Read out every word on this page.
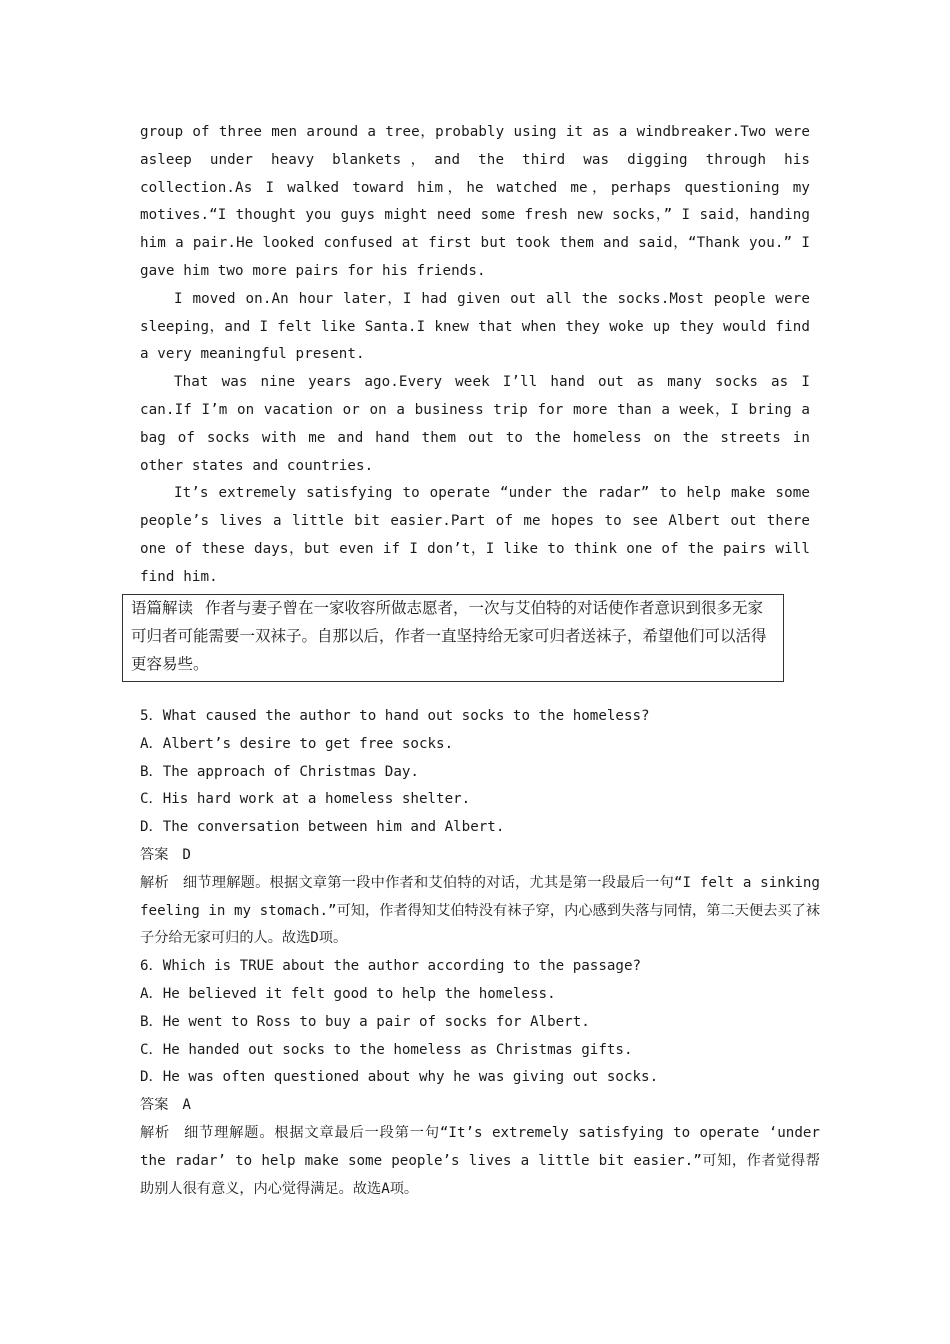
group of three men around a tree，probably using it as a windbreaker.Two were asleep under heavy blankets，and the third was digging through his collection.As I walked toward him，he watched me，perhaps questioning my motives.“I thought you guys might need some fresh new socks，” I said，handing him a pair.He looked confused at first but took them and said，“Thank you.” I gave him two more pairs for his friends.

I moved on.An hour later，I had given out all the socks.Most people were sleeping，and I felt like Santa.I knew that when they woke up they would find a very meaningful present.

That was nine years ago.Every week I’ll hand out as many socks as I can.If I’m on vacation or on a business trip for more than a week，I bring a bag of socks with me and hand them out to the homeless on the streets in other states and countries.

It’s extremely satisfying to operate “under the radar” to help make some people’s lives a little bit easier.Part of me hopes to see Albert out there one of these days，but even if I don’t，I like to think one of the pairs will find him.

语篇解读 作者与妻子曾在一家收容所做志愿者，一次与艾伯特的对话使作者意识到很多无家可归者可能需要一双袜子。自那以后，作者一直坚持给无家可归者送袜子，希望他们可以活得更容易些。

5．What caused the author to hand out socks to the homeless?

A．Albert’s desire to get free socks.

B．The approach of Christmas Day.

C．His hard work at a homeless shelter.

D．The conversation between him and Albert.

答案 D

解析 细节理解题。根据文章第一段中作者和艾伯特的对话，尤其是第一段最后一句“I felt a sinking feeling in my stomach.”可知，作者得知艾伯特没有袜子穿，内心感到失落与同情，第二天便去买了袜子分给无家可归的人。故选D项。

6．Which is TRUE about the author according to the passage?

A．He believed it felt good to help the homeless.

B．He went to Ross to buy a pair of socks for Albert.

C．He handed out socks to the homeless as Christmas gifts.

D．He was often questioned about why he was giving out socks.

答案 A

解析 细节理解题。根据文章最后一段第一句“It’s extremely satisfying to operate ‘under the radar’ to help make some people’s lives a little bit easier.”可知，作者觉得帮助别人很有意义，内心觉得满足。故选A项。
